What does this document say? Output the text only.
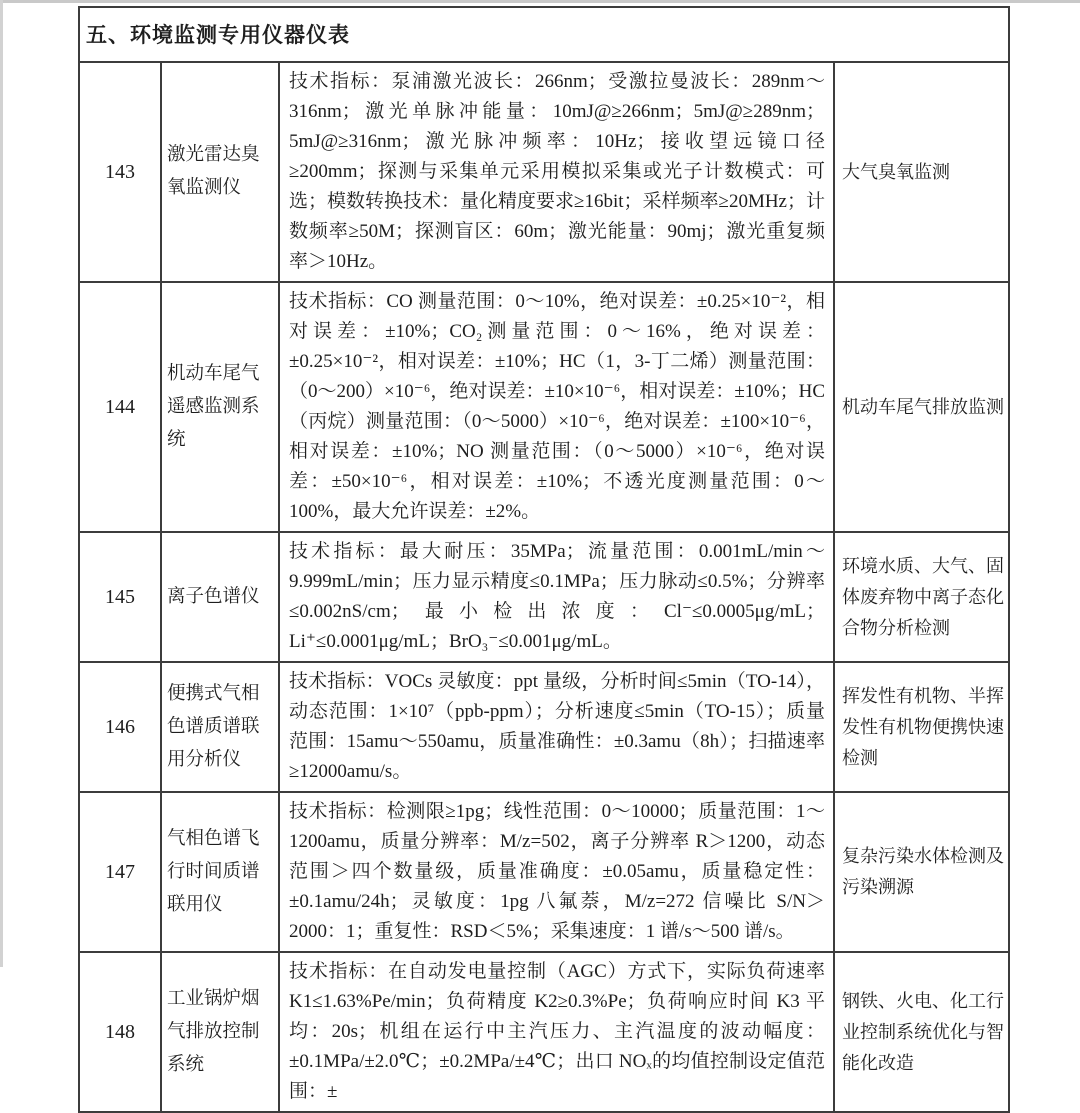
五、环境监测专用仪器仪表			
143	激光雷达臭氧监测仪	技术指标：泵浦激光波长：266nm；受激拉曼波长：289nm～316nm；激光单脉冲能量：10mJ@≥266nm；5mJ@≥289nm；5mJ@≥316nm；激光脉冲频率：10Hz；接收望远镜口径≥200mm；探测与采集单元采用模拟采集或光子计数模式：可选；模数转换技术：量化精度要求≥16bit；采样频率≥20MHz；计数频率≥50M；探测盲区：60m；激光能量：90mj；激光重复频率＞10Hz。	大气臭氧监测
144	机动车尾气遥感监测系统	技术指标：CO 测量范围：0～10%，绝对误差：±0.25×10⁻²，相对误差：±10%；CO₂测量范围：0～16%，绝对误差：±0.25×10⁻²，相对误差：±10%；HC（1，3-丁二烯）测量范围：（0～200）×10⁻⁶，绝对误差：±10×10⁻⁶，相对误差：±10%；HC（丙烷）测量范围：（0～5000）×10⁻⁶，绝对误差：±100×10⁻⁶，相对误差：±10%；NO 测量范围：（0～5000）×10⁻⁶，绝对误差：±50×10⁻⁶，相对误差：±10%；不透光度测量范围：0～100%，最大允许误差：±2%。	机动车尾气排放监测
145	离子色谱仪	技术指标：最大耐压：35MPa；流量范围：0.001mL/min～9.999mL/min；压力显示精度≤0.1MPa；压力脉动≤0.5%；分辨率≤0.002nS/cm；最小检出浓度：Cl⁻≤0.0005μg/mL；Li⁺≤0.0001μg/mL；BrO₃⁻≤0.001μg/mL。	环境水质、大气、固体废弃物中离子态化合物分析检测
146	便携式气相色谱质谱联用分析仪	技术指标：VOCs 灵敏度：ppt 量级，分析时间≤5min（TO-14），动态范围：1×10⁷（ppb-ppm）；分析速度≤5min（TO-15）；质量范围：15amu～550amu，质量准确性：±0.3amu（8h）；扫描速率≥12000amu/s。	挥发性有机物、半挥发性有机物便携快速检测
147	气相色谱飞行时间质谱联用仪	技术指标：检测限≥1pg；线性范围：0～10000；质量范围：1～1200amu，质量分辨率：M/z=502，离子分辨率 R＞1200，动态范围＞四个数量级，质量准确度：±0.05amu，质量稳定性：±0.1amu/24h；灵敏度：1pg 八氟萘，M/z=272 信噪比 S/N＞2000：1；重复性：RSD＜5%；采集速度：1 谱/s～500 谱/s。	复杂污染水体检测及污染溯源
148	工业锅炉烟气排放控制系统	技术指标：在自动发电量控制（AGC）方式下，实际负荷速率 K1≤1.63%Pe/min；负荷精度 K2≥0.3%Pe；负荷响应时间 K3 平均：20s；机组在运行中主汽压力、主汽温度的波动幅度：±0.1MPa/±2.0℃；±0.2MPa/±4℃；出口 NOₓ的均值控制设定值范围：±	钢铁、火电、化工行业控制系统优化与智能化改造
